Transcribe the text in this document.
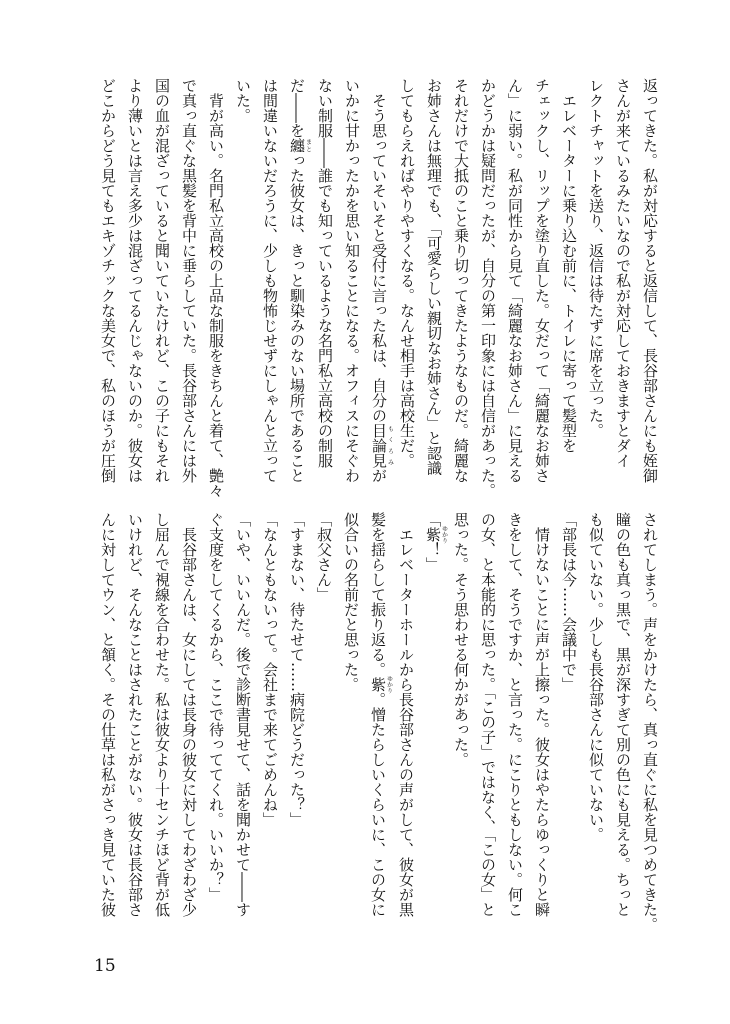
返ってきた。私が対応すると返信して、長谷部さんにも姪御
さんが来ているみたいなので私が対応しておきますとダイ
レクトチャットを送り、返信は待たずに席を立った。
　エレベーターに乗り込む前に、トイレに寄って髪型を
チェックし、リップを塗り直した。女だって「綺麗なお姉さ
ん」に弱い。私が同性から見て「綺麗なお姉さん」に見える
かどうかは疑問だったが、自分の第一印象には自信があった。
それだけで大抵のこと乗り切ってきたようなものだ。綺麗な
お姉さんは無理でも、「可愛らしい親切なお姉さん」と認識
してもらえればやりやすくなる。なんせ相手は高校生だ。
　そう思っていそいそと受付に言った私は、自分の目論見もくろみが
いかに甘かったかを思い知ることになる。オフィスにそぐわ
ない制服――誰でも知っているような名門私立高校の制服
だ――を纏まとった彼女は、きっと馴染みのない場所であること
は間違いないだろうに、少しも物怖じせずにしゃんと立って
いた。
　背が高い。名門私立高校の上品な制服をきちんと着て、艶々
で真っ直ぐな黒髪を背中に垂らしていた。長谷部さんには外
国の血が混ざっていると聞いていたけれど、この子にもそれ
より薄いとは言え多少は混ざってるんじゃないのか。彼女は
どこからどう見てもエキゾチックな美女で、私のほうが圧倒
されてしまう。声をかけたら、真っ直ぐに私を見つめてきた。
瞳の色も真っ黒で、黒が深すぎて別の色にも見える。ちっと
も似ていない。少しも長谷部さんに似ていない。
「部長は今……会議中で」
　情けないことに声が上擦った。彼女はやたらゆっくりと瞬
きをして、そうですか、と言った。にこりともしない。何こ
の女、と本能的に思った。「この子」ではなく、「この女」と
思った。そう思わせる何かがあった。
「紫ゆかり！」
　エレベーターホールから長谷部さんの声がして、彼女が黒
髪を揺らして振り返る。紫ゆかり。憎たらしいくらいに、この女に
似合いの名前だと思った。
「叔父さん」
「すまない、待たせて……病院どうだった？」
「なんともないって。会社まで来てごめんね」
「いや、いいんだ。後で診断書見せて、話を聞かせて――す
ぐ支度をしてくるから、ここで待っててくれ。いいか？」
　長谷部さんは、女にしては長身の彼女に対してわざわざ少
し屈んで視線を合わせた。私は彼女より十センチほど背が低
いけれど、そんなことはされたことがない。彼女は長谷部さ
んに対してウン、と頷く。その仕草は私がさっき見ていた彼
15
